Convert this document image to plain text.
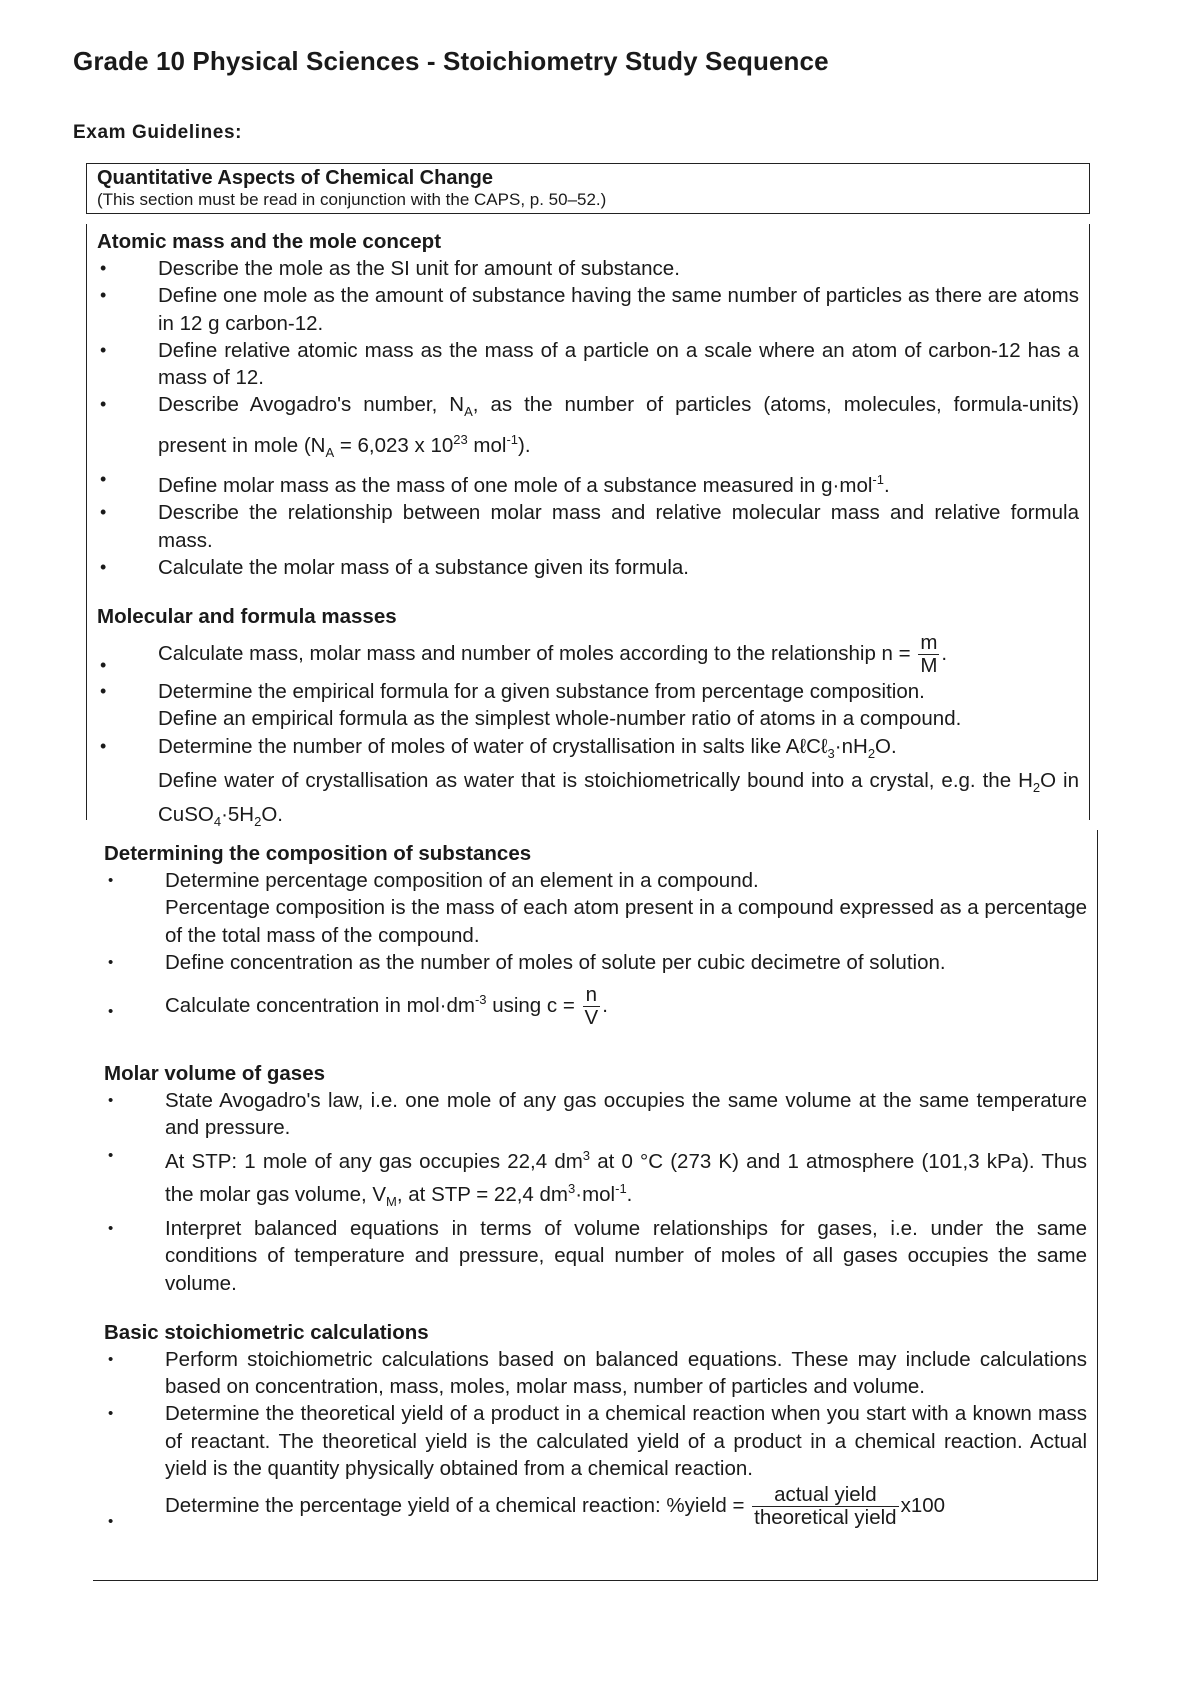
Grade 10 Physical Sciences - Stoichiometry Study Sequence
Exam Guidelines:
Quantitative Aspects of Chemical Change
(This section must be read in conjunction with the CAPS, p. 50–52.)
Atomic mass and the mole concept
•	Describe the mole as the SI unit for amount of substance.
•	Define one mole as the amount of substance having the same number of particles as there are atoms in 12 g carbon-12.
•	Define relative atomic mass as the mass of a particle on a scale where an atom of carbon-12 has a mass of 12.
•	Describe Avogadro's number, $N_A$, as the number of particles (atoms, molecules, formula-units) present in mole ($N_A = 6,023$ x $10^{23}$ mol$^{-1}$).
•	Define molar mass as the mass of one mole of a substance measured in g·mol$^{-1}$.
•	Describe the relationship between molar mass and relative molecular mass and relative formula mass.
•	Calculate the molar mass of a substance given its formula.
Molecular and formula masses
•	Calculate mass, molar mass and number of moles according to the relationship $n = \frac{m}{M}$ .
•	Determine the empirical formula for a given substance from percentage composition.
Define an empirical formula as the simplest whole-number ratio of atoms in a compound.
•	Determine the number of moles of water of crystallisation in salts like $A\ell C\ell_3\cdot nH_2O$.
Define water of crystallisation as water that is stoichiometrically bound into a crystal, e.g. the $H_2O$ in $CuSO_4\cdot 5H_2O$.
Determining the composition of substances
•	Determine percentage composition of an element in a compound.
Percentage composition is the mass of each atom present in a compound expressed as a percentage of the total mass of the compound.
•	Define concentration as the number of moles of solute per cubic decimetre of solution.
•	Calculate concentration in $mol\cdot dm^{-3}$ using $c = \frac{n}{V}$ .
Molar volume of gases
•	State Avogadro's law, i.e. one mole of any gas occupies the same volume at the same temperature and pressure.
•	At STP: 1 mole of any gas occupies 22,4 $dm^3$ at 0 °C (273 K) and 1 atmosphere (101,3 kPa). Thus the molar gas volume, $V_M$, at STP = 22,4 $dm^3\cdot mol^{-1}$.
•	Interpret balanced equations in terms of volume relationships for gases, i.e. under the same conditions of temperature and pressure, equal number of moles of all gases occupies the same volume.
Basic stoichiometric calculations
•	Perform stoichiometric calculations based on balanced equations. These may include calculations based on concentration, mass, moles, molar mass, number of particles and volume.
•	Determine the theoretical yield of a product in a chemical reaction when you start with a known mass of reactant. The theoretical yield is the calculated yield of a product in a chemical reaction. Actual yield is the quantity physically obtained from a chemical reaction.
•
Determine the percentage yield of a chemical reaction: %yield = $\frac{\text{actual yield}}{\text{theoretical yield}} x100$
